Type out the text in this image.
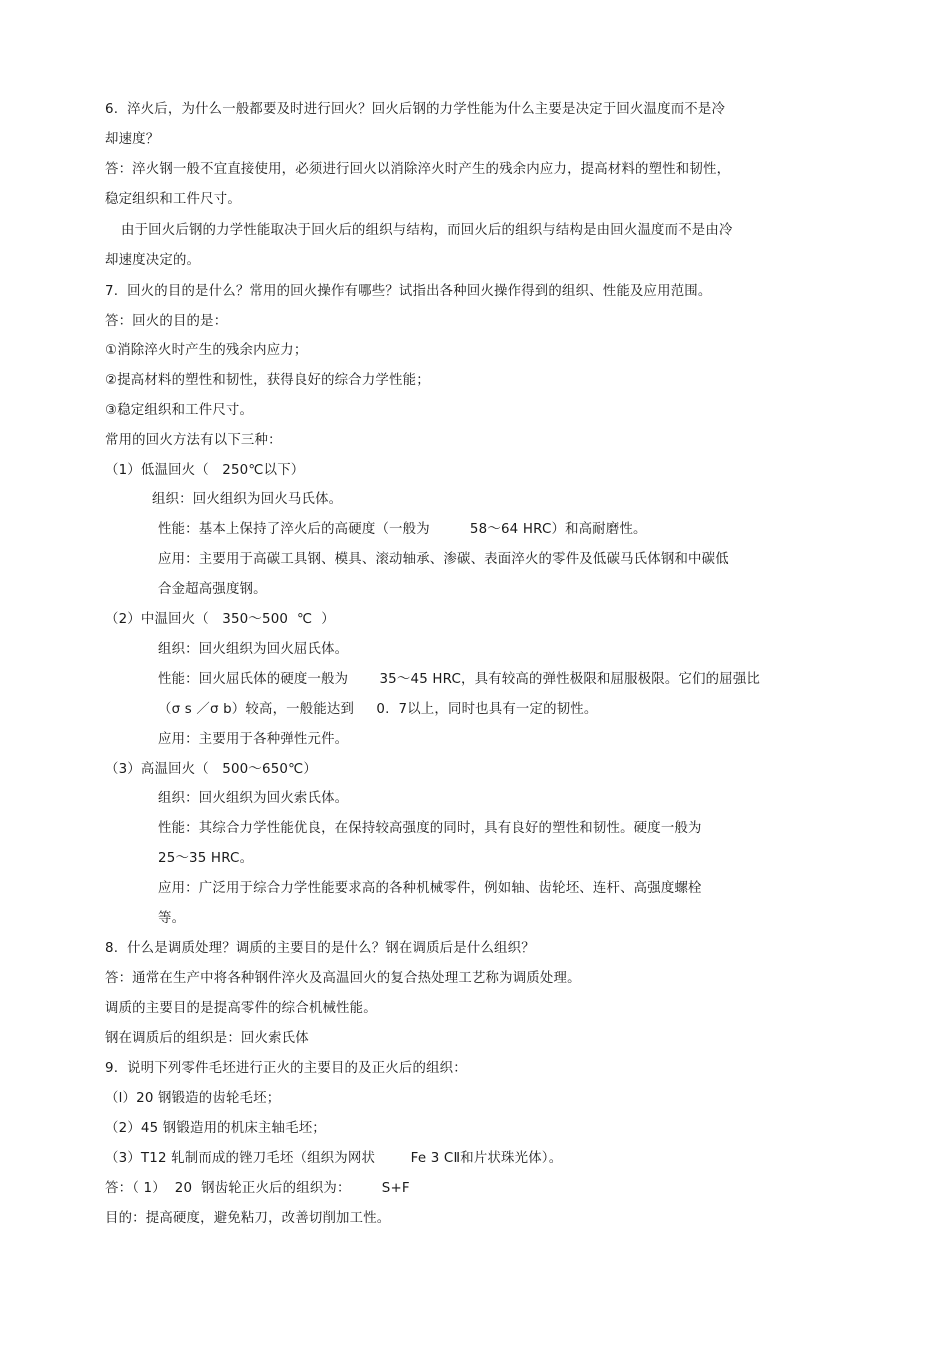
6.  淬火后，为什么一般都要及时进行回火？回火后钢的力学性能为什么主要是决定于回火温度而不是冷
却速度？
答：淬火钢一般不宜直接使用，必须进行回火以消除淬火时产生的残余内应力，提高材料的塑性和韧性，
稳定组织和工件尺寸。
由于回火后钢的力学性能取决于回火后的组织与结构，而回火后的组织与结构是由回火温度而不是由冷
却速度决定的。
7.  回火的目的是什么？常用的回火操作有哪些？试指出各种回火操作得到的组织、性能及应用范围。
答：回火的目的是：
①消除淬火时产生的残余内应力；
②提高材料的塑性和韧性，获得良好的综合力学性能；
③稳定组织和工件尺寸。
常用的回火方法有以下三种：
（1）低温回火（   250℃以下）
组织：回火组织为回火马氏体。
性能：基本上保持了淬火后的高硬度（一般为         58～64 HRC）和高耐磨性。
应用：主要用于高碳工具钢、模具、滚动轴承、渗碳、表面淬火的零件及低碳马氏体钢和中碳低
合金超高强度钢。
（2）中温回火（   350～500  ℃  ）
组织：回火组织为回火屈氏体。
性能：回火屈氏体的硬度一般为       35～45 HRC，具有较高的弹性极限和屈服极限。它们的屈强比
（σ s ／σ b）较高，一般能达到     0.  7以上，同时也具有一定的韧性。
应用：主要用于各种弹性元件。
（3）高温回火（   500～650℃）
组织：回火组织为回火索氏体。
性能：其综合力学性能优良，在保持较高强度的同时，具有良好的塑性和韧性。硬度一般为
25～35 HRC。
应用：广泛用于综合力学性能要求高的各种机械零件，例如轴、齿轮坯、连杆、高强度螺栓
等。
8.  什么是调质处理？调质的主要目的是什么？钢在调质后是什么组织？
答：通常在生产中将各种钢件淬火及高温回火的复合热处理工艺称为调质处理。
调质的主要目的是提高零件的综合机械性能。
钢在调质后的组织是：回火索氏体
9.  说明下列零件毛坯进行正火的主要目的及正火后的组织：
（l）20 钢锻造的齿轮毛坯；
（2）45 钢锻造用的机床主轴毛坯；
（3）T12 轧制而成的锉刀毛坯（组织为网状        Fe 3 CⅡ和片状珠光体）。
答：（ 1）  20  钢齿轮正火后的组织为：       S+F
目的：提高硬度，避免粘刀，改善切削加工性。
